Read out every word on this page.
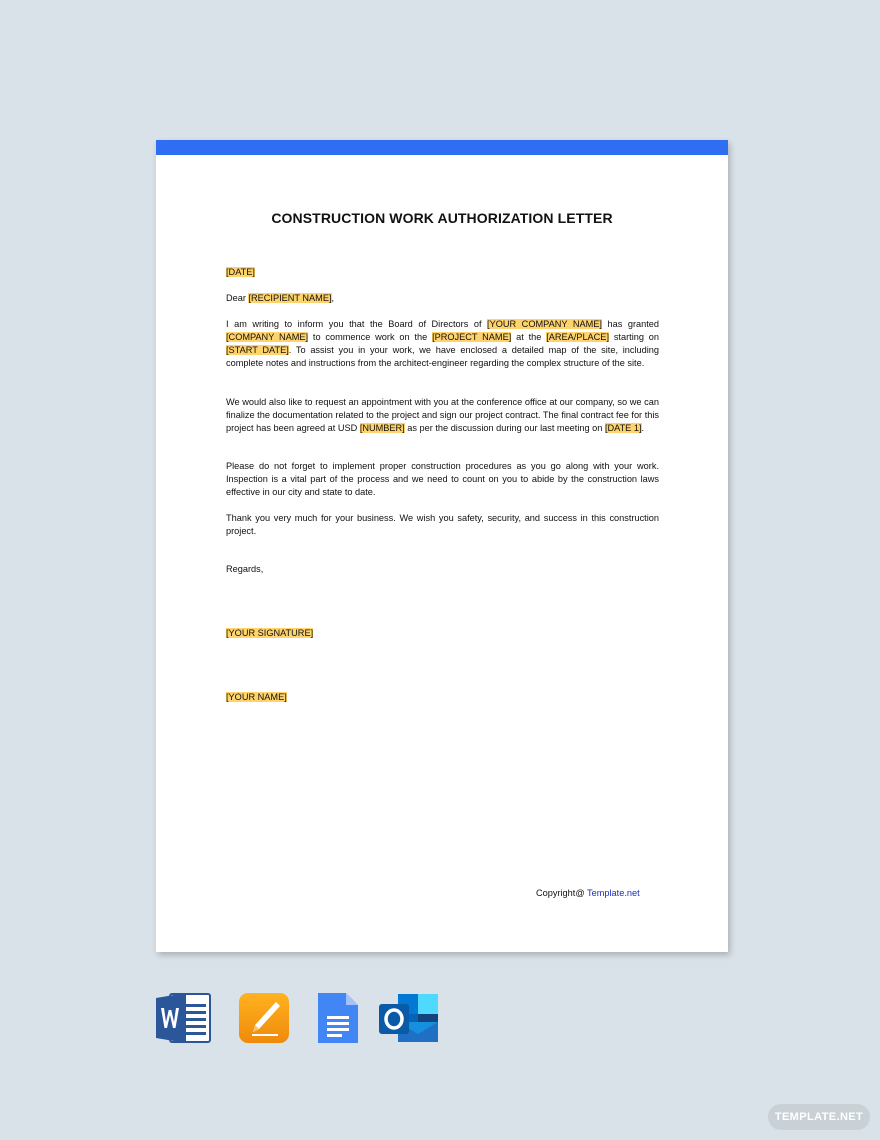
CONSTRUCTION WORK AUTHORIZATION LETTER
[DATE]
Dear [RECIPIENT NAME],
I am writing to inform you that the Board of Directors of [YOUR COMPANY NAME] has granted [COMPANY NAME] to commence work on the [PROJECT NAME] at the [AREA/PLACE] starting on [START DATE]. To assist you in your work, we have enclosed a detailed map of the site, including complete notes and instructions from the architect-engineer regarding the complex structure of the site.
We would also like to request an appointment with you at the conference office at our company, so we can finalize the documentation related to the project and sign our project contract. The final contract fee for this project has been agreed at USD [NUMBER] as per the discussion during our last meeting on [DATE 1].
Please do not forget to implement proper construction procedures as you go along with your work. Inspection is a vital part of the process and we need to count on you to abide by the construction laws effective in our city and state to date.
Thank you very much for your business. We wish you safety, security, and success in this construction project.
Regards,
[YOUR SIGNATURE]
[YOUR NAME]
Copyright@ Template.net
TEMPLATE.NET
